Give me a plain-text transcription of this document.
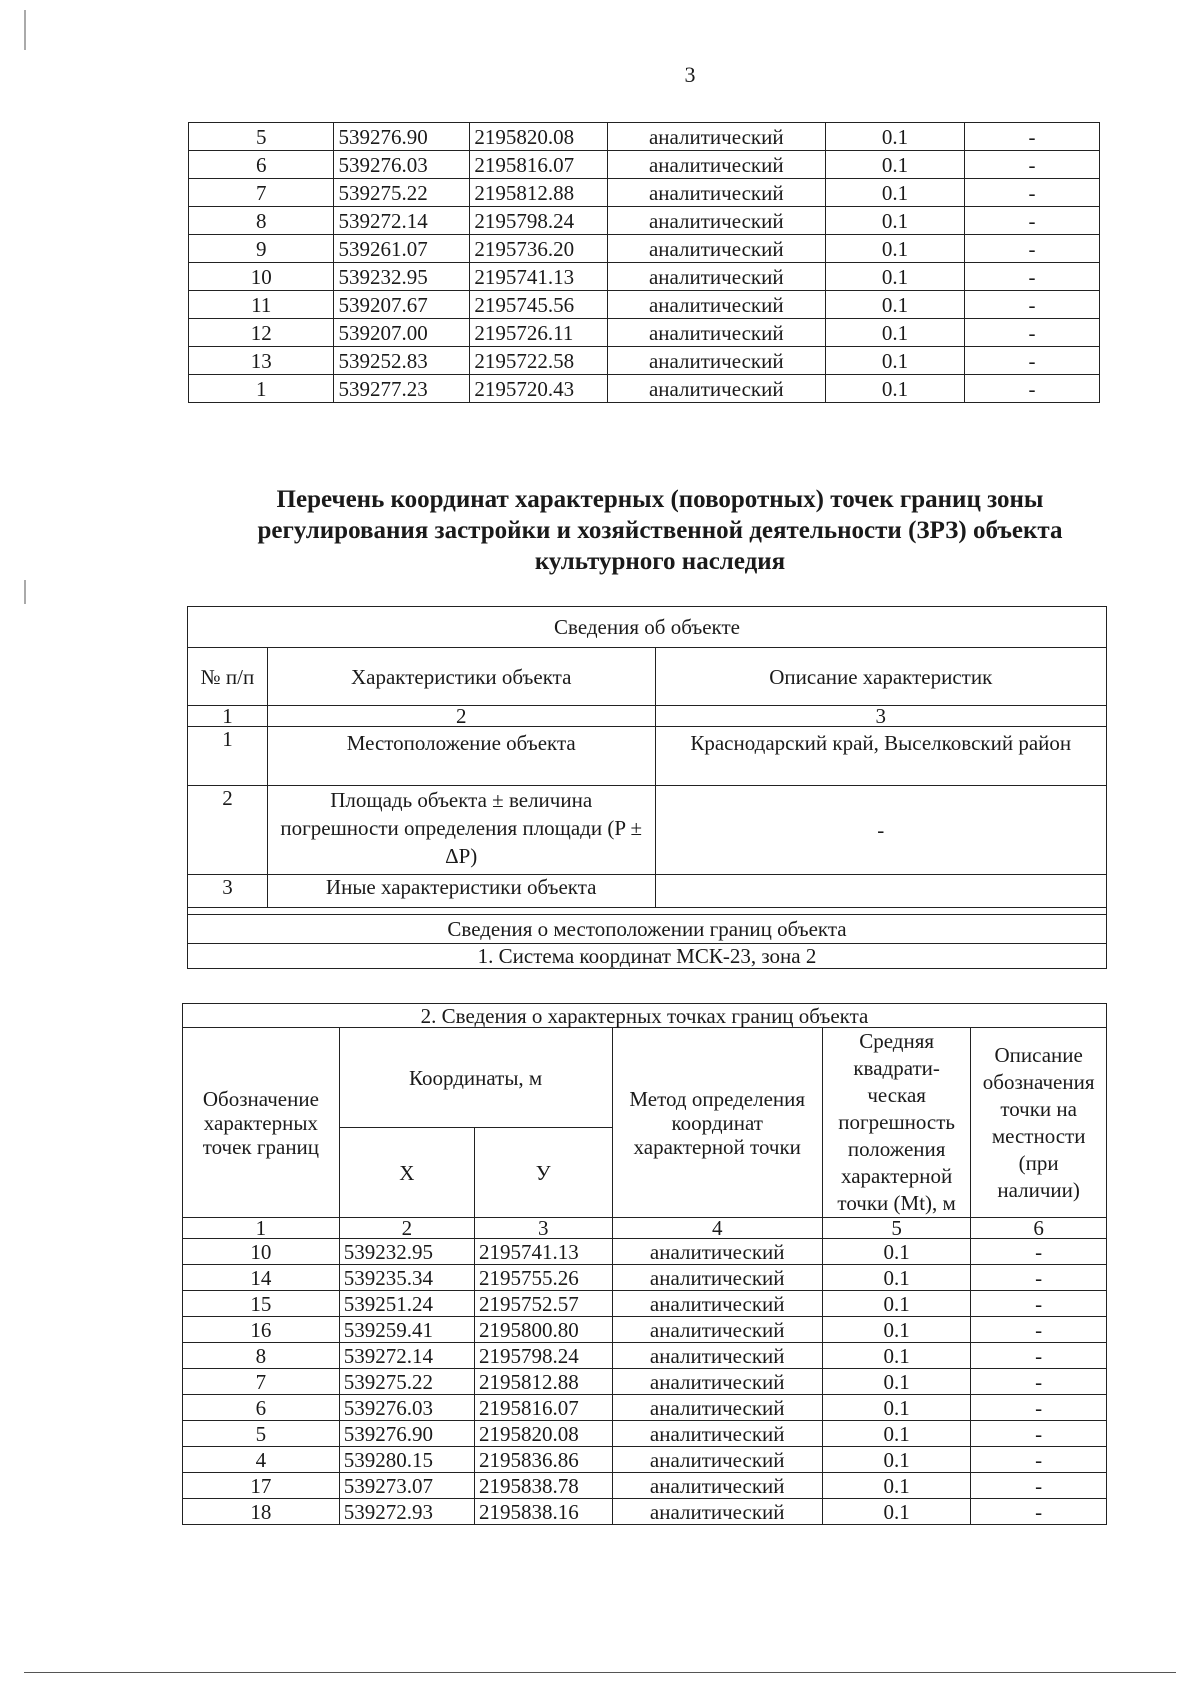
3
5	539276.90	2195820.08	аналитический	0.1	-
6	539276.03	2195816.07	аналитический	0.1	-
7	539275.22	2195812.88	аналитический	0.1	-
8	539272.14	2195798.24	аналитический	0.1	-
9	539261.07	2195736.20	аналитический	0.1	-
10	539232.95	2195741.13	аналитический	0.1	-
11	539207.67	2195745.56	аналитический	0.1	-
12	539207.00	2195726.11	аналитический	0.1	-
13	539252.83	2195722.58	аналитический	0.1	-
1	539277.23	2195720.43	аналитический	0.1	-
Перечень координат характерных (поворотных) точек границ зоны
регулирования застройки и хозяйственной деятельности (ЗРЗ) объекта
культурного наследия
Сведения об объекте		
№ п/п	Характеристики объекта	Описание характеристик
1	2	3
1	Местоположение объекта	Краснодарский край, Выселковский район
2	Площадь объекта ± величина погрешности определения площади (P ± ΔP)	-
3	Иные характеристики объекта	

Сведения о местоположении границ объекта		
1. Система координат МСК-23, зона 2		
2. Сведения о характерных точках границ объекта					
Обозначение характерных точек границ	Координаты, м		Метод определения координат характерной точки	Средняя квадрати-ческая погрешность положения характерной точки (Mt), м	Описание обозначения точки на местности (при наличии)
	X	У			
1	2	3	4	5	6
10	539232.95	2195741.13	аналитический	0.1	-
14	539235.34	2195755.26	аналитический	0.1	-
15	539251.24	2195752.57	аналитический	0.1	-
16	539259.41	2195800.80	аналитический	0.1	-
8	539272.14	2195798.24	аналитический	0.1	-
7	539275.22	2195812.88	аналитический	0.1	-
6	539276.03	2195816.07	аналитический	0.1	-
5	539276.90	2195820.08	аналитический	0.1	-
4	539280.15	2195836.86	аналитический	0.1	-
17	539273.07	2195838.78	аналитический	0.1	-
18	539272.93	2195838.16	аналитический	0.1	-
